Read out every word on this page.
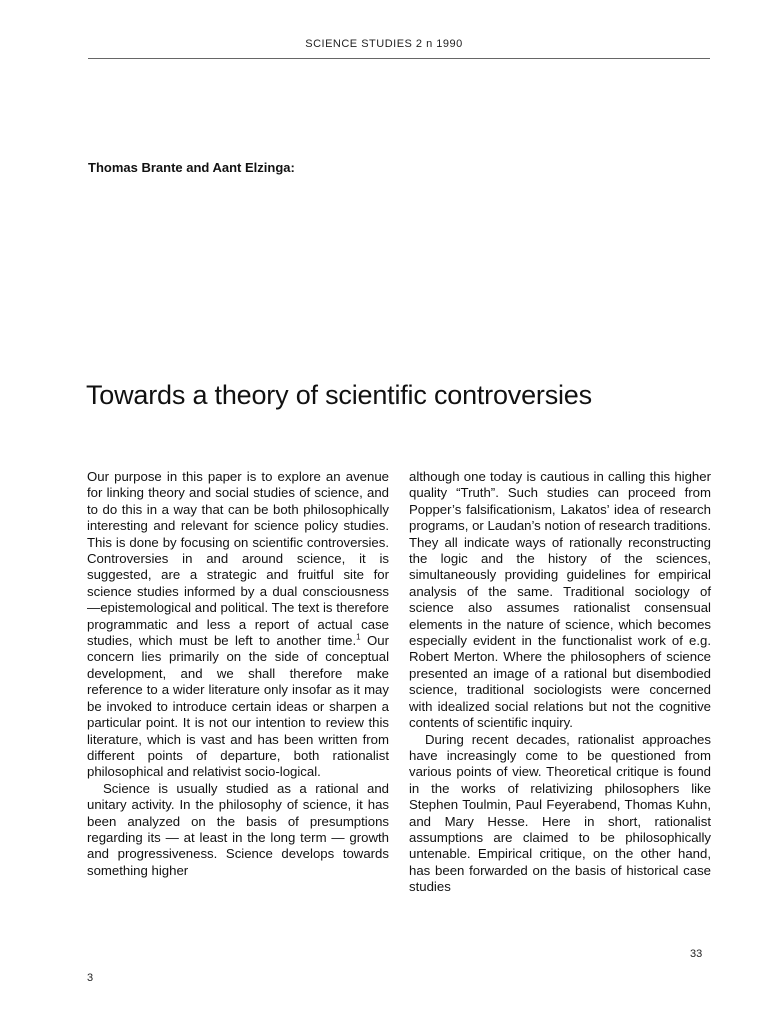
SCIENCE STUDIES 2 n 1990
Thomas Brante and Aant Elzinga:
Towards a theory of scientific controversies

Our purpose in this paper is to explore an avenue for linking theory and social studies of science, and to do this in a way that can be both philosophically interesting and relevant for science policy studies. This is done by focusing on scientific controversies. Controversies in and around science, it is suggested, are a strategic and fruitful site for science studies informed by a dual consciousness—epistemological and political. The text is therefore programmatic and less a report of actual case studies, which must be left to another time.$^1$ Our concern lies primarily on the side of conceptual development, and we shall therefore make reference to a wider literature only insofar as it may be invoked to introduce certain ideas or sharpen a particular point. It is not our intention to review this literature, which is vast and has been written from different points of departure, both rationalist philosophical and relativist socio-logical.

Science is usually studied as a rational and unitary activity. In the philosophy of science, it has been analyzed on the basis of presumptions regarding its — at least in the long term — growth and progressiveness. Science develops towards something higher

although one today is cautious in calling this higher quality “Truth”. Such studies can proceed from Popper’s falsificationism, Lakatos’ idea of research programs, or Laudan’s notion of research traditions. They all indicate ways of rationally reconstructing the logic and the history of the sciences, simultaneously providing guidelines for empirical analysis of the same. Traditional sociology of science also assumes rationalist consensual elements in the nature of science, which becomes especially evident in the functionalist work of e.g. Robert Merton. Where the philosophers of science presented an image of a rational but disembodied science, traditional sociologists were concerned with idealized social relations but not the cognitive contents of scientific inquiry.

During recent decades, rationalist approaches have increasingly come to be questioned from various points of view. Theoretical critique is found in the works of relativizing philosophers like Stephen Toulmin, Paul Feyerabend, Thomas Kuhn, and Mary Hesse. Here in short, rationalist assumptions are claimed to be philosophically untenable. Empirical critique, on the other hand, has been forwarded on the basis of historical case studies

33
3
